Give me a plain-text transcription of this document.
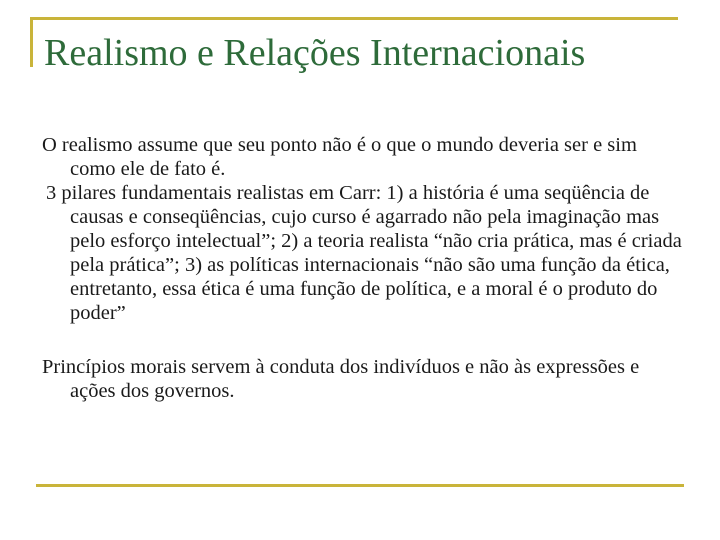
Realismo e Relações Internacionais

O realismo assume que seu ponto não é o que o mundo deveria ser e sim como ele de fato é.

3 pilares fundamentais realistas em Carr: 1) a história é uma seqüência de causas e conseqüências, cujo curso é agarrado não pela imaginação mas pelo esforço intelectual”; 2) a teoria realista “não cria prática, mas é criada pela prática”; 3) as políticas internacionais “não são uma função da ética, entretanto, essa ética é uma função de política, e a moral é o produto do poder”

Princípios morais servem à conduta dos indivíduos e não às expressões e ações dos governos.
